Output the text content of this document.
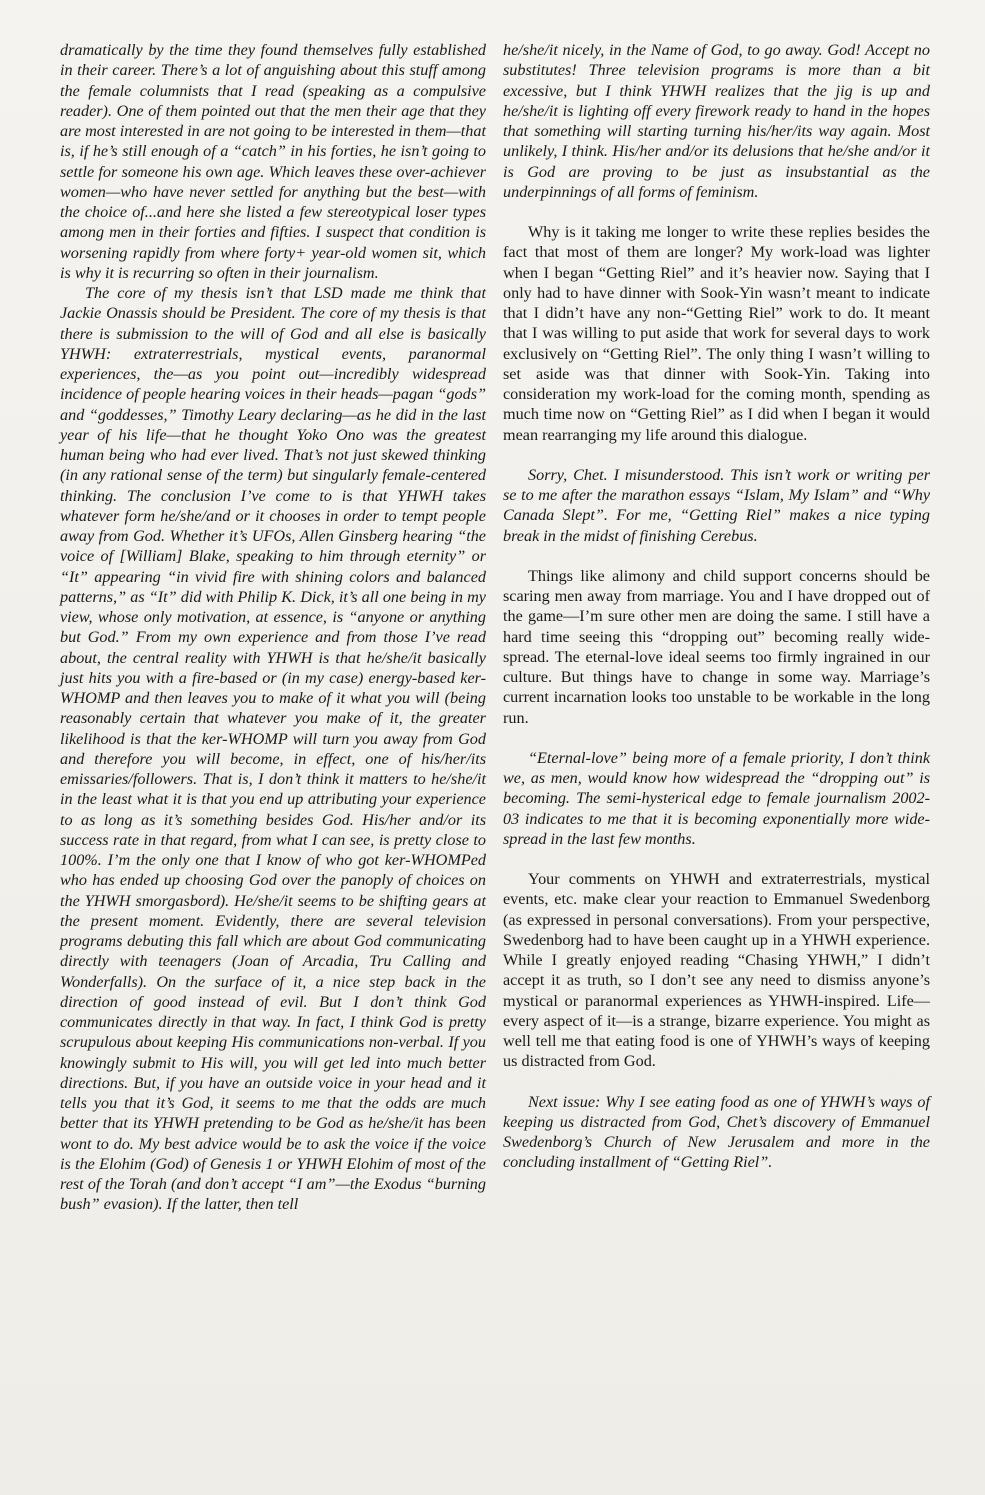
dramatically by the time they found themselves fully established in their career. There’s a lot of anguishing about this stuff among the female columnists that I read (speaking as a compulsive reader). One of them pointed out that the men their age that they are most interested in are not going to be interested in them—that is, if he’s still enough of a “catch” in his forties, he isn’t going to settle for someone his own age. Which leaves these over-achiever women—who have never settled for anything but the best—with the choice of...and here she listed a few stereotypical loser types among men in their forties and fifties. I suspect that condition is worsening rapidly from where forty+ year-old women sit, which is why it is recurring so often in their journalism.

The core of my thesis isn’t that LSD made me think that Jackie Onassis should be President. The core of my thesis is that there is submission to the will of God and all else is basically YHWH: extraterrestrials, mystical events, paranormal experiences, the—as you point out—incredibly widespread incidence of people hearing voices in their heads—pagan “gods” and “goddesses,” Timothy Leary declaring—as he did in the last year of his life—that he thought Yoko Ono was the greatest human being who had ever lived. That’s not just skewed thinking (in any rational sense of the term) but singularly female-centered thinking. The conclusion I’ve come to is that YHWH takes whatever form he/she/and or it chooses in order to tempt people away from God. Whether it’s UFOs, Allen Ginsberg hearing “the voice of [William] Blake, speaking to him through eternity” or “It” appearing “in vivid fire with shining colors and balanced patterns,” as “It” did with Philip K. Dick, it’s all one being in my view, whose only motivation, at essence, is “anyone or anything but God.” From my own experience and from those I’ve read about, the central reality with YHWH is that he/she/it basically just hits you with a fire-based or (in my case) energy-based ker-WHOMP and then leaves you to make of it what you will (being reasonably certain that whatever you make of it, the greater likelihood is that the ker-WHOMP will turn you away from God and therefore you will become, in effect, one of his/her/its emissaries/followers. That is, I don’t think it matters to he/she/it in the least what it is that you end up attributing your experience to as long as it’s something besides God. His/her and/or its success rate in that regard, from what I can see, is pretty close to 100%. I’m the only one that I know of who got ker-WHOMPed who has ended up choosing God over the panoply of choices on the YHWH smorgasbord). He/she/it seems to be shifting gears at the present moment. Evidently, there are several television programs debuting this fall which are about God communicating directly with teenagers (Joan of Arcadia, Tru Calling and Wonderfalls). On the surface of it, a nice step back in the direction of good instead of evil. But I don’t think God communicates directly in that way. In fact, I think God is pretty scrupulous about keeping His communications non-verbal. If you knowingly submit to His will, you will get led into much better directions. But, if you have an outside voice in your head and it tells you that it’s God, it seems to me that the odds are much better that its YHWH pretending to be God as he/she/it has been wont to do. My best advice would be to ask the voice if the voice is the Elohim (God) of Genesis 1 or YHWH Elohim of most of the rest of the Torah (and don’t accept “I am”—the Exodus “burning bush” evasion). If the latter, then tell

he/she/it nicely, in the Name of God, to go away. God! Accept no substitutes! Three television programs is more than a bit excessive, but I think YHWH realizes that the jig is up and he/she/it is lighting off every firework ready to hand in the hopes that something will starting turning his/her/its way again. Most unlikely, I think. His/her and/or its delusions that he/she and/or it is God are proving to be just as insubstantial as the underpinnings of all forms of feminism.

Why is it taking me longer to write these replies besides the fact that most of them are longer? My work-load was lighter when I began “Getting Riel” and it’s heavier now. Saying that I only had to have dinner with Sook-Yin wasn’t meant to indicate that I didn’t have any non-“Getting Riel” work to do. It meant that I was willing to put aside that work for several days to work exclusively on “Getting Riel”. The only thing I wasn’t willing to set aside was that dinner with Sook-Yin. Taking into consideration my work-load for the coming month, spending as much time now on “Getting Riel” as I did when I began it would mean rearranging my life around this dialogue.

Sorry, Chet. I misunderstood. This isn’t work or writing per se to me after the marathon essays “Islam, My Islam” and “Why Canada Slept”. For me, “Getting Riel” makes a nice typing break in the midst of finishing Cerebus.

Things like alimony and child support concerns should be scaring men away from marriage. You and I have dropped out of the game—I’m sure other men are doing the same. I still have a hard time seeing this “dropping out” becoming really wide-spread. The eternal-love ideal seems too firmly ingrained in our culture. But things have to change in some way. Marriage’s current incarnation looks too unstable to be workable in the long run.

“Eternal-love” being more of a female priority, I don’t think we, as men, would know how widespread the “dropping out” is becoming. The semi-hysterical edge to female journalism 2002-03 indicates to me that it is becoming exponentially more wide-spread in the last few months.

Your comments on YHWH and extraterrestrials, mystical events, etc. make clear your reaction to Emmanuel Swedenborg (as expressed in personal conversations). From your perspective, Swedenborg had to have been caught up in a YHWH experience. While I greatly enjoyed reading “Chasing YHWH,” I didn’t accept it as truth, so I don’t see any need to dismiss anyone’s mystical or paranormal experiences as YHWH-inspired. Life—every aspect of it—is a strange, bizarre experience. You might as well tell me that eating food is one of YHWH’s ways of keeping us distracted from God.

Next issue: Why I see eating food as one of YHWH’s ways of keeping us distracted from God, Chet’s discovery of Emmanuel Swedenborg’s Church of New Jerusalem and more in the concluding installment of “Getting Riel”.
